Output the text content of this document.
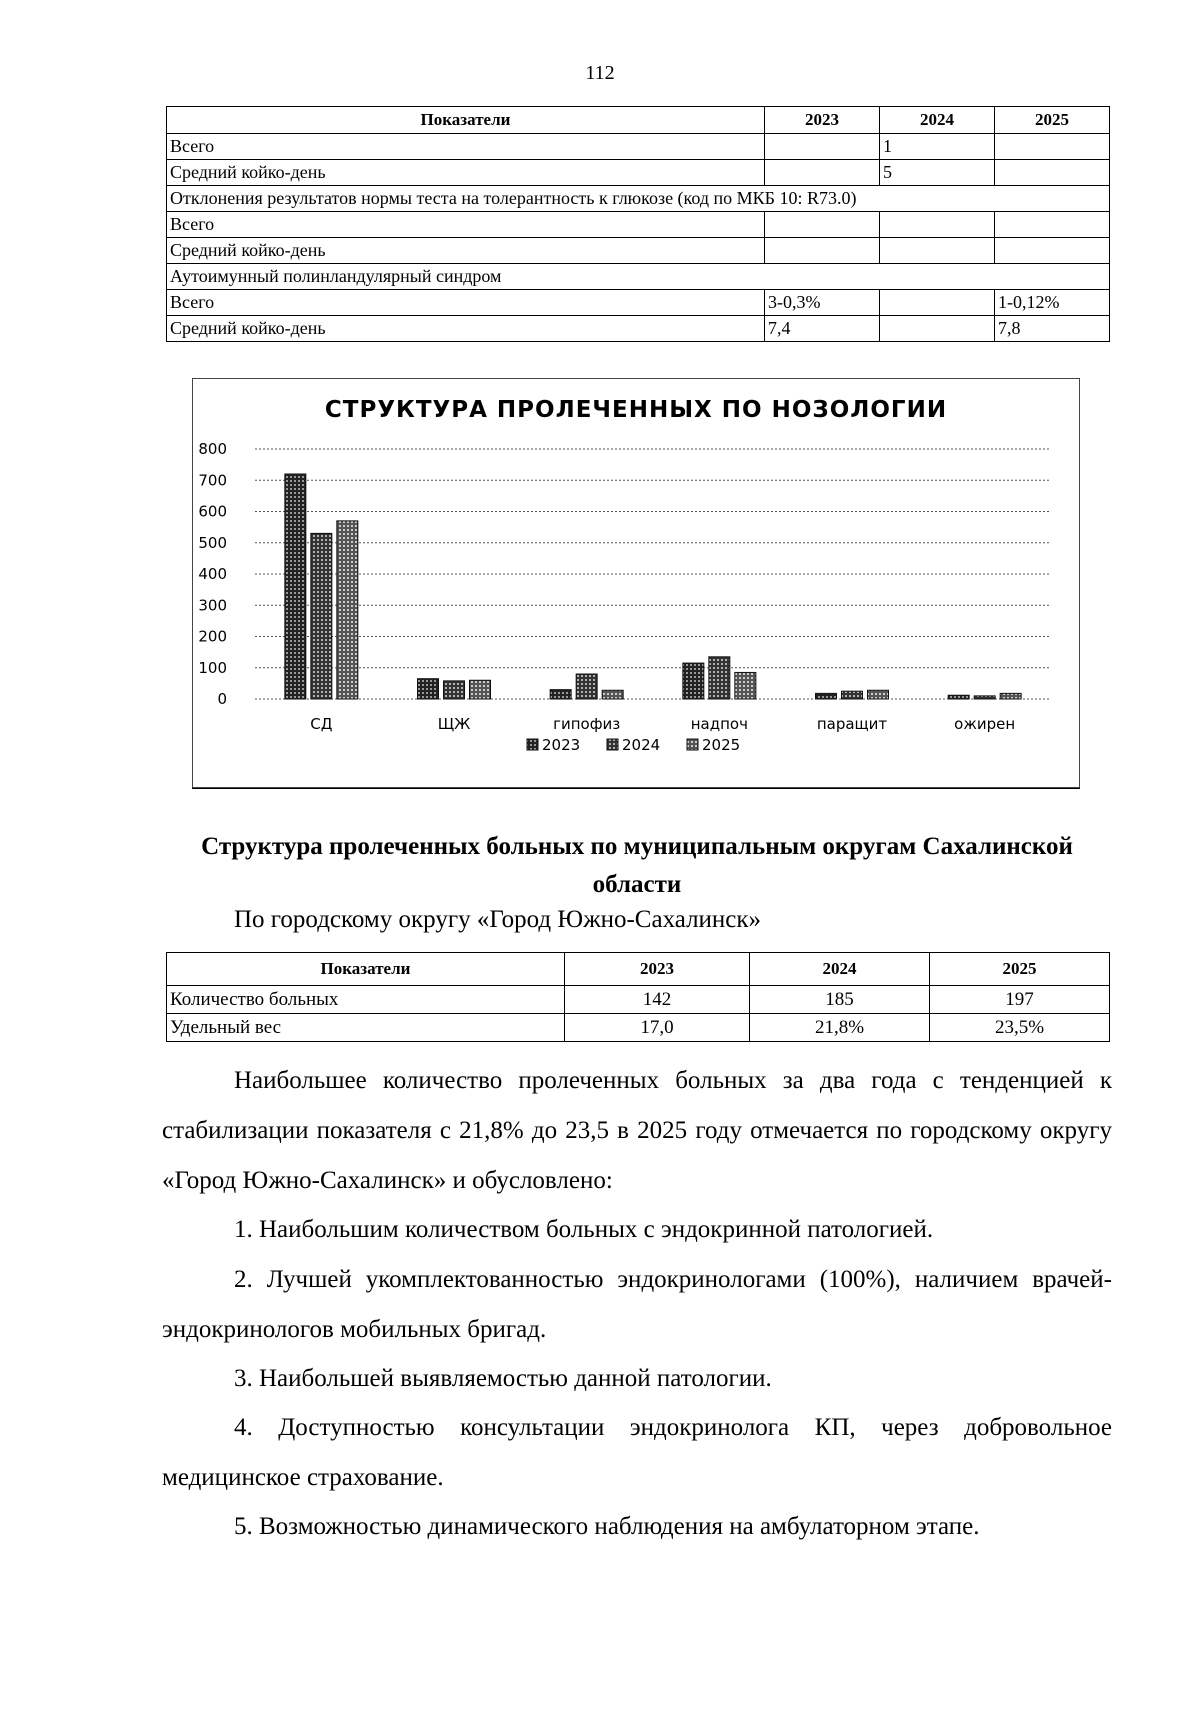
112
Показатели	2023	2024	2025
Всего		1	
Средний койко-день		5	
Отклонения результатов нормы теста на толерантность к глюкозе (код по МКБ 10: R73.0)			
Всего			
Средний койко-день			
Аутоимунный полинландулярный синдром			
Всего	3-0,3%		1-0,12%
Средний койко-день	7,4		7,8
СТРУКТУРА ПРОЛЕЧЕННЫХ ПО НОЗОЛОГИИ
0
100
200
300
400
500
600
700
800
СД	ЩЖ	гипофиз	надпоч	паращит	ожирен
2023	2024	2025
Структура пролеченных больных по муниципальным округам Сахалинской области
По городскому округу «Город Южно-Сахалинск»
Показатели	2023	2024	2025
Количество больных	142	185	197
Удельный вес	17,0	21,8%	23,5%
Наибольшее количество пролеченных больных за два года с тенденцией к стабилизации показателя с 21,8% до 23,5 в 2025 году отмечается по городскому округу «Город Южно-Сахалинск» и обусловлено:
1. Наибольшим количеством больных с эндокринной патологией.
2. Лучшей укомплектованностью эндокринологами (100%), наличием врачей-эндокринологов мобильных бригад.
3. Наибольшей выявляемостью данной патологии.
4. Доступностью консультации эндокринолога КП, через добровольное медицинское страхование.
5. Возможностью динамического наблюдения на амбулаторном этапе.
